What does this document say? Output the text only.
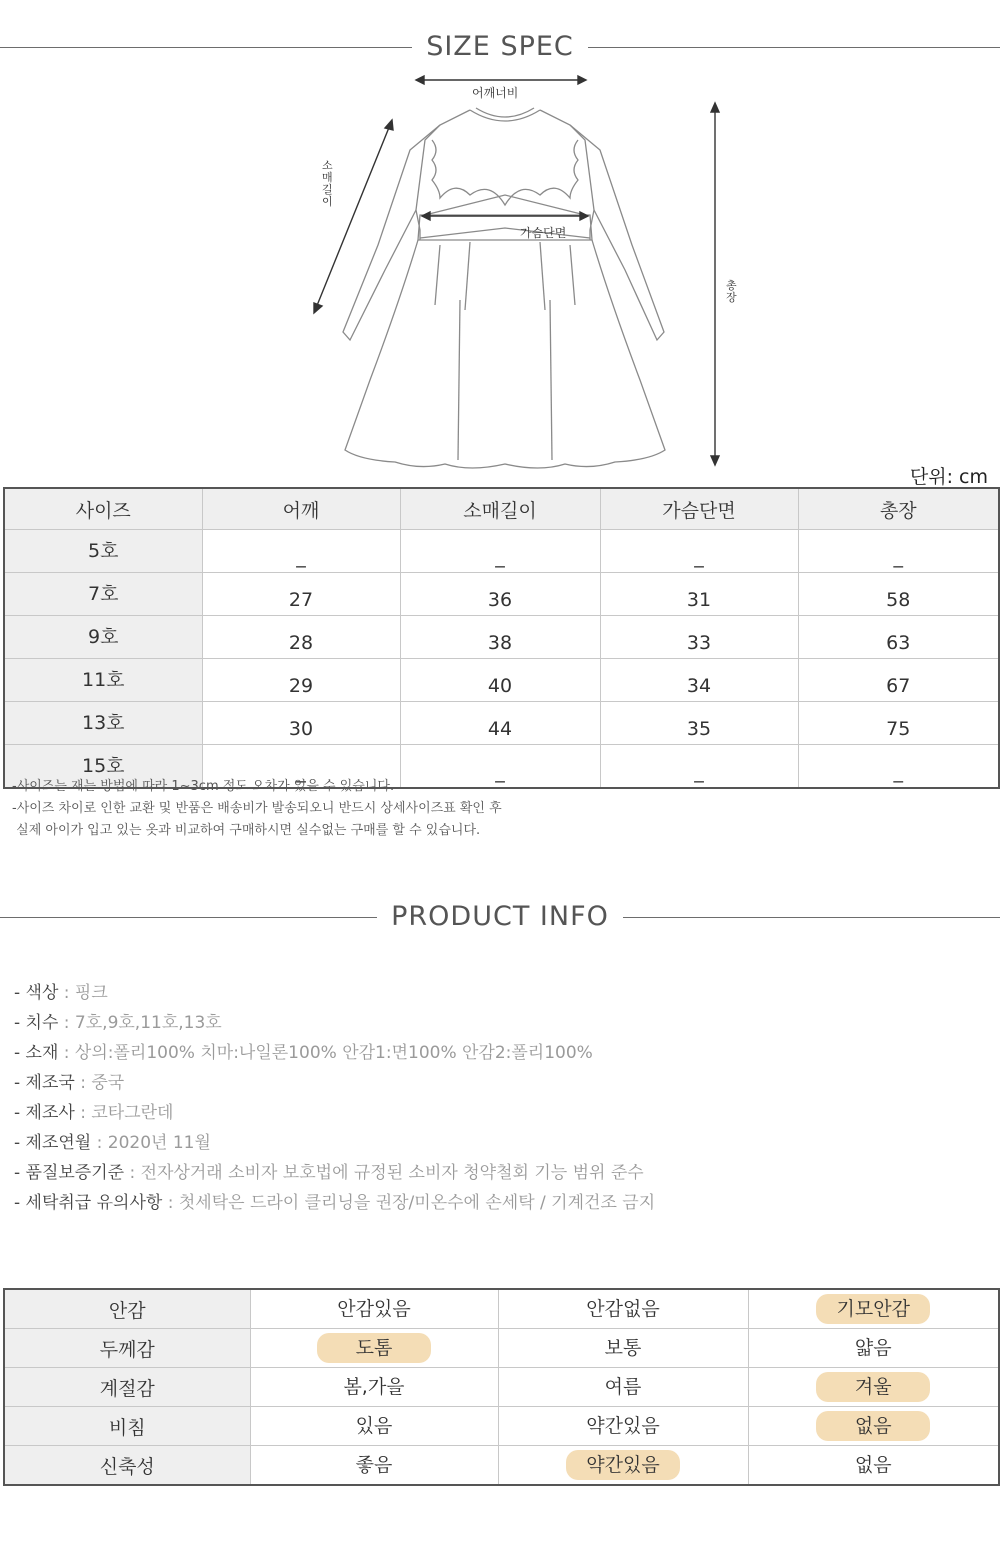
SIZE SPEC
어깨너비
소매길이
가슴단면
총장
단위: cm
사이즈	어깨	소매길이	가슴단면	총장
5호	_	_	_	_
7호	27	36	31	58
9호	28	38	33	63
11호	29	40	34	67
13호	30	44	35	75
15호	_	_	_	_
-사이즈는 재는 방법에 따라 1~3cm 정도 오차가 있을 수 있습니다.
-사이즈 차이로 인한 교환 및 반품은 배송비가 발송되오니 반드시 상세사이즈표 확인 후
실제 아이가 입고 있는 옷과 비교하여 구매하시면 실수없는 구매를 할 수 있습니다.
PRODUCT INFO
- 색상 : 핑크
- 치수 : 7호,9호,11호,13호
- 소재 : 상의:폴리100% 치마:나일론100% 안감1:면100% 안감2:폴리100%
- 제조국 : 중국
- 제조사 : 코타그란데
- 제조연월 : 2020년 11월
- 품질보증기준 : 전자상거래 소비자 보호법에 규정된 소비자 청약철회 기능 범위 준수
- 세탁취급 유의사항 : 첫세탁은 드라이 클리닝을 권장/미온수에 손세탁 / 기계건조 금지
안감	안감있음	안감없음	기모안감
두께감	도톰	보통	얇음
계절감	봄,가을	여름	겨울
비침	있음	약간있음	없음
신축성	좋음	약간있음	없음
